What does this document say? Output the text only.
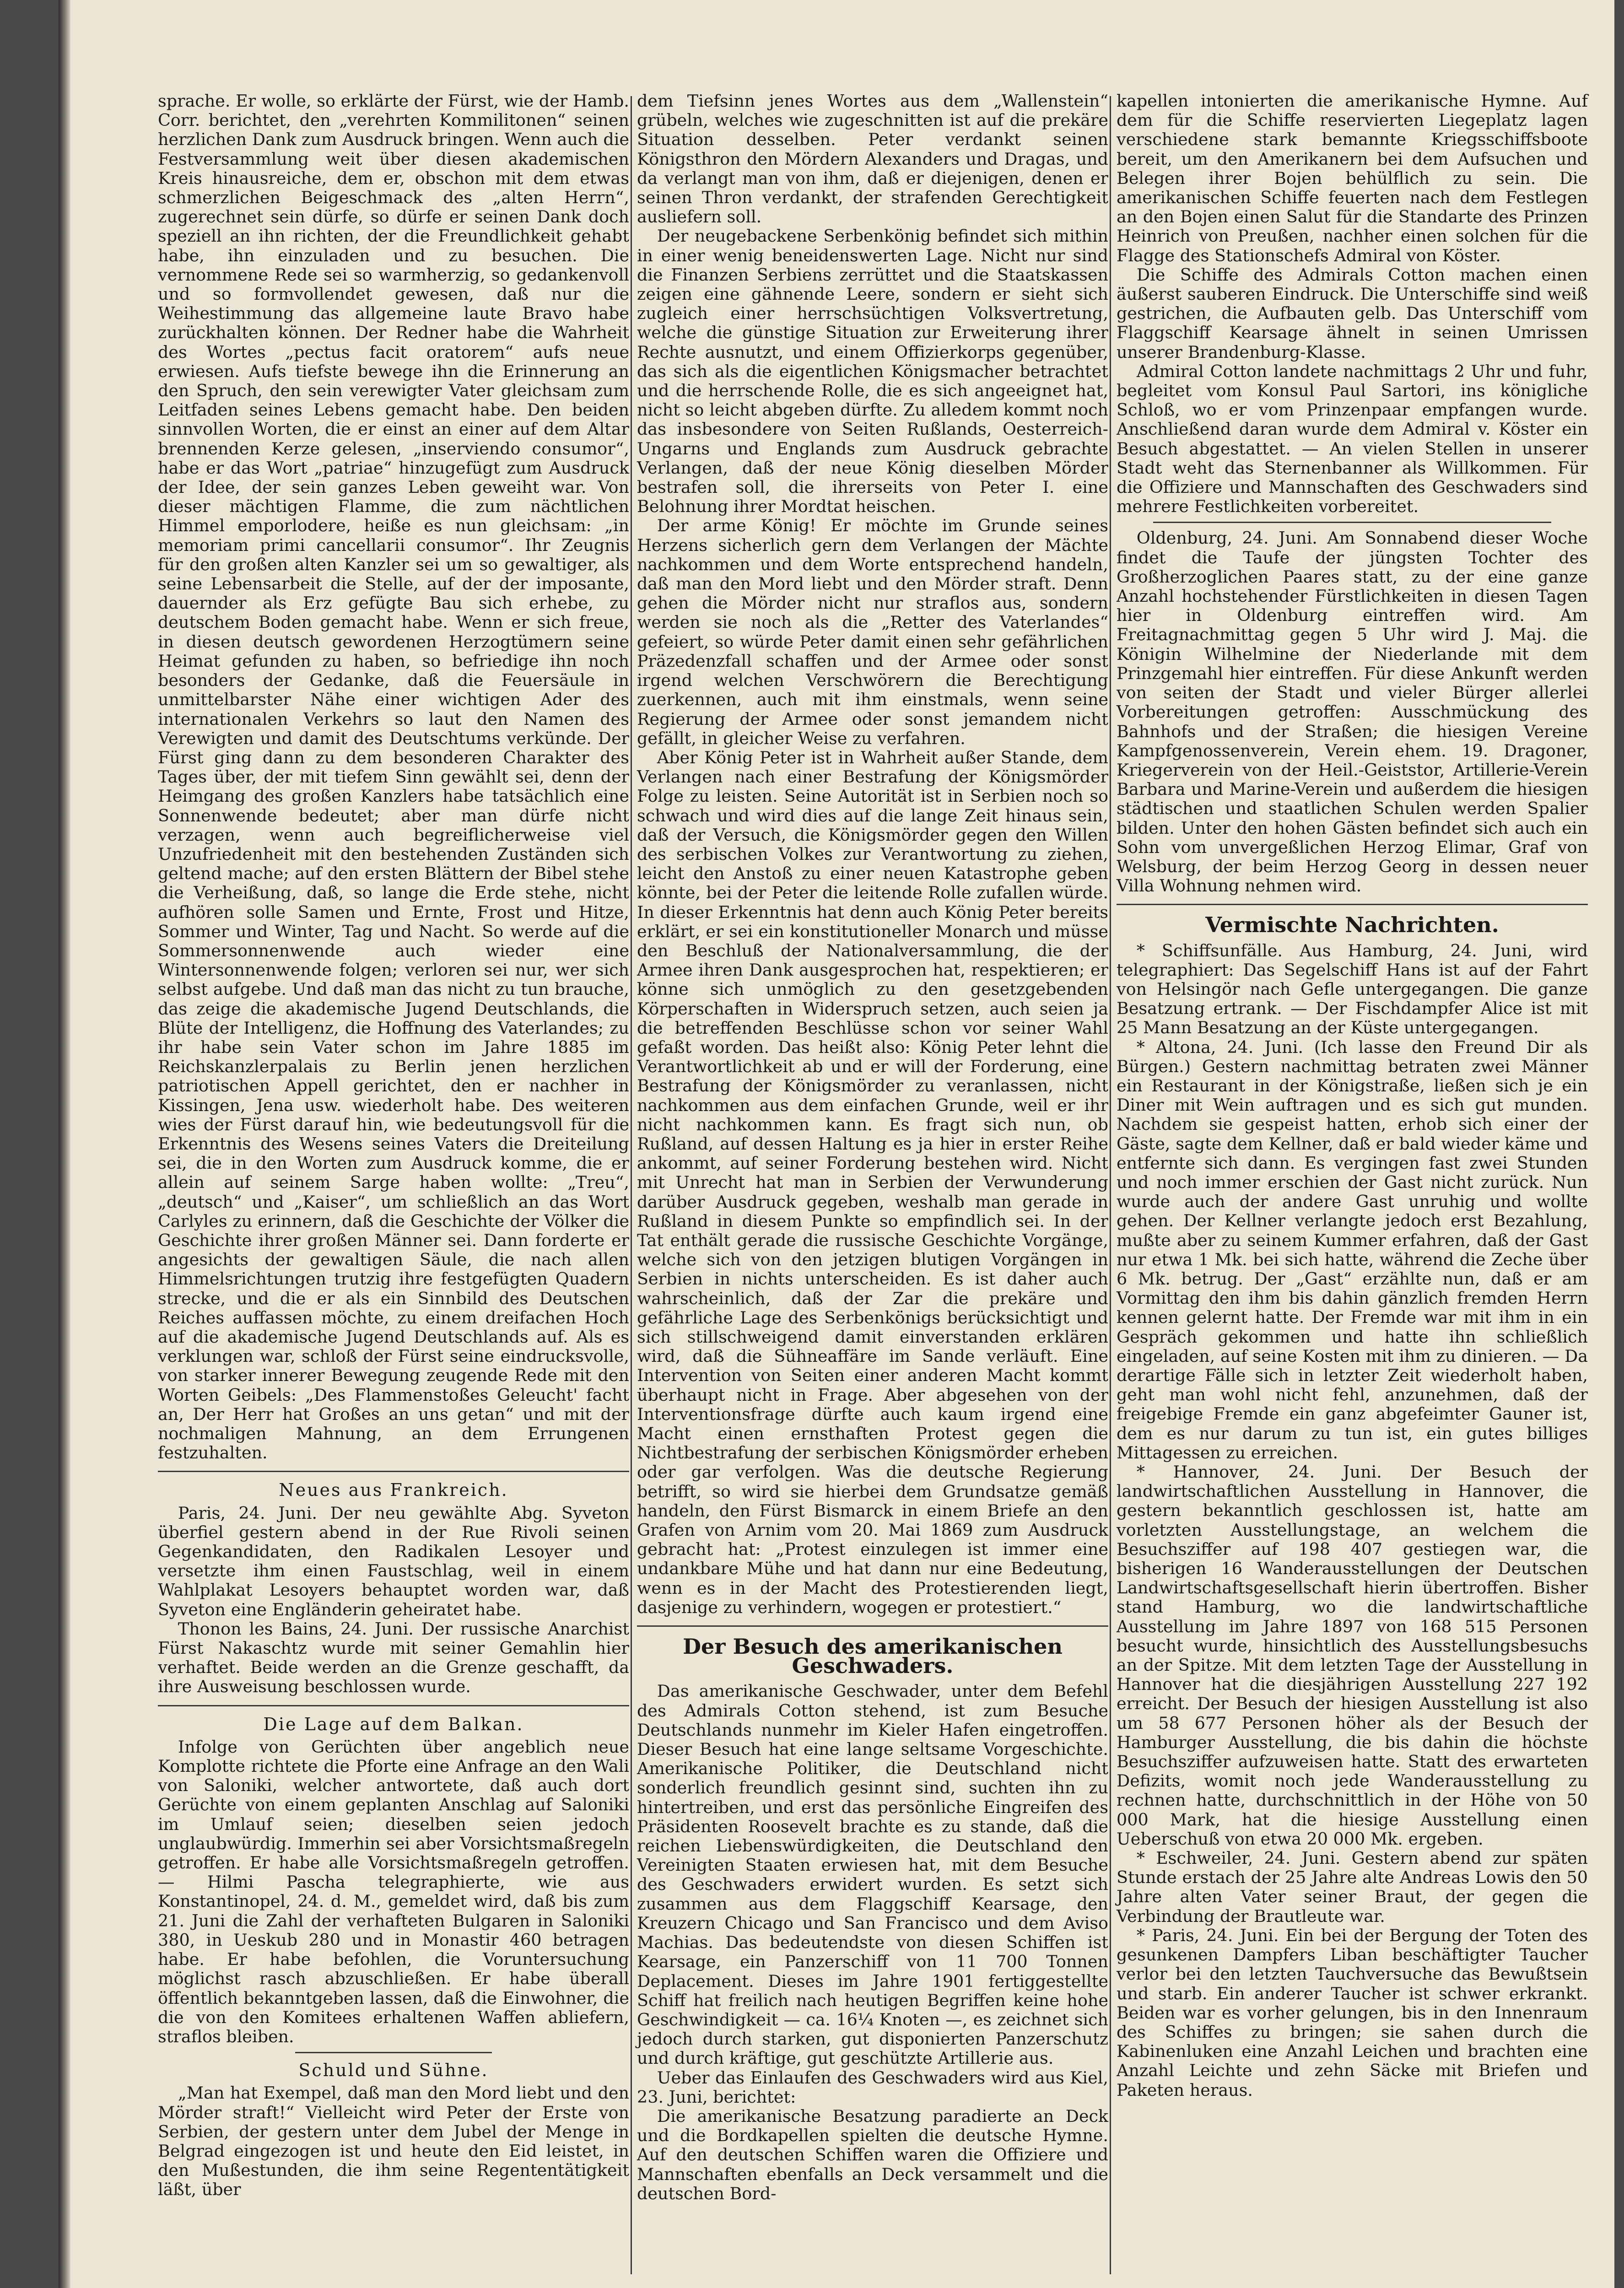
sprache. Er wolle, so erklärte der Fürst, wie der Hamb. Corr. berichtet, den „verehrten Kommilitonen“ seinen herzlichen Dank zum Ausdruck bringen. Wenn auch die Festversammlung weit über diesen akademischen Kreis hinausreiche, dem er, obschon mit dem etwas schmerzlichen Beigeschmack des „alten Herrn“, zugerechnet sein dürfe, so dürfe er seinen Dank doch speziell an ihn richten, der die Freundlichkeit gehabt habe, ihn einzuladen und zu besuchen. Die vernommene Rede sei so warmherzig, so gedankenvoll und so formvollendet gewesen, daß nur die Weihestimmung das allgemeine laute Bravo habe zurückhalten können. Der Redner habe die Wahrheit des Wortes „pectus facit oratorem“ aufs neue erwiesen. Aufs tiefste bewege ihn die Erinnerung an den Spruch, den sein verewigter Vater gleichsam zum Leitfaden seines Lebens gemacht habe. Den beiden sinnvollen Worten, die er einst an einer auf dem Altar brennenden Kerze gelesen, „inserviendo consumor“, habe er das Wort „patriae“ hinzugefügt zum Ausdruck der Idee, der sein ganzes Leben geweiht war. Von dieser mächtigen Flamme, die zum nächtlichen Himmel emporlodere, heiße es nun gleichsam: „in memoriam primi cancellarii consumor“. Ihr Zeugnis für den großen alten Kanzler sei um so gewaltiger, als seine Lebensarbeit die Stelle, auf der der imposante, dauernder als Erz gefügte Bau sich erhebe, zu deutschem Boden gemacht habe. Wenn er sich freue, in diesen deutsch gewordenen Herzogtümern seine Heimat gefunden zu haben, so befriedige ihn noch besonders der Gedanke, daß die Feuersäule in unmittelbarster Nähe einer wichtigen Ader des internationalen Verkehrs so laut den Namen des Verewigten und damit des Deutschtums verkünde. Der Fürst ging dann zu dem besonderen Charakter des Tages über, der mit tiefem Sinn gewählt sei, denn der Heimgang des großen Kanzlers habe tatsächlich eine Sonnenwende bedeutet; aber man dürfe nicht verzagen, wenn auch begreiflicherweise viel Unzufriedenheit mit den bestehenden Zuständen sich geltend mache; auf den ersten Blättern der Bibel stehe die Verheißung, daß, so lange die Erde stehe, nicht aufhören solle Samen und Ernte, Frost und Hitze, Sommer und Winter, Tag und Nacht. So werde auf die Sommersonnenwende auch wieder eine Wintersonnenwende folgen; verloren sei nur, wer sich selbst aufgebe. Und daß man das nicht zu tun brauche, das zeige die akademische Jugend Deutschlands, die Blüte der Intelligenz, die Hoffnung des Vaterlandes; zu ihr habe sein Vater schon im Jahre 1885 im Reichskanzlerpalais zu Berlin jenen herzlichen patriotischen Appell gerichtet, den er nachher in Kissingen, Jena usw. wiederholt habe. Des weiteren wies der Fürst darauf hin, wie bedeutungsvoll für die Erkenntnis des Wesens seines Vaters die Dreiteilung sei, die in den Worten zum Ausdruck komme, die er allein auf seinem Sarge haben wollte: „Treu“, „deutsch“ und „Kaiser“, um schließlich an das Wort Carlyles zu erinnern, daß die Geschichte der Völker die Geschichte ihrer großen Männer sei. Dann forderte er angesichts der gewaltigen Säule, die nach allen Himmelsrichtungen trutzig ihre festgefügten Quadern strecke, und die er als ein Sinnbild des Deutschen Reiches auffassen möchte, zu einem dreifachen Hoch auf die akademische Jugend Deutschlands auf. Als es verklungen war, schloß der Fürst seine eindrucksvolle, von starker innerer Bewegung zeugende Rede mit den Worten Geibels: „Des Flammenstoßes Geleucht' facht an, Der Herr hat Großes an uns getan“ und mit der nochmaligen Mahnung, an dem Errungenen festzuhalten.

Neues aus Frankreich.

Paris, 24. Juni. Der neu gewählte Abg. Syveton überfiel gestern abend in der Rue Rivoli seinen Gegenkandidaten, den Radikalen Lesoyer und versetzte ihm einen Faustschlag, weil in einem Wahlplakat Lesoyers behauptet worden war, daß Syveton eine Engländerin geheiratet habe.

Thonon les Bains, 24. Juni. Der russische Anarchist Fürst Nakaschtz wurde mit seiner Gemahlin hier verhaftet. Beide werden an die Grenze geschafft, da ihre Ausweisung beschlossen wurde.

Die Lage auf dem Balkan.

Infolge von Gerüchten über angeblich neue Komplotte richtete die Pforte eine Anfrage an den Wali von Saloniki, welcher antwortete, daß auch dort Gerüchte von einem geplanten Anschlag auf Saloniki im Umlauf seien; dieselben seien jedoch unglaubwürdig. Immerhin sei aber Vorsichtsmaßregeln getroffen. Er habe alle Vorsichtsmaßregeln getroffen. — Hilmi Pascha telegraphierte, wie aus Konstantinopel, 24. d. M., gemeldet wird, daß bis zum 21. Juni die Zahl der verhafteten Bulgaren in Saloniki 380, in Ueskub 280 und in Monastir 460 betragen habe. Er habe befohlen, die Voruntersuchung möglichst rasch abzuschließen. Er habe überall öffentlich bekanntgeben lassen, daß die Einwohner, die die von den Komitees erhaltenen Waffen abliefern, straflos bleiben.

Schuld und Sühne.

„Man hat Exempel, daß man den Mord liebt und den Mörder straft!“ Vielleicht wird Peter der Erste von Serbien, der gestern unter dem Jubel der Menge in Belgrad eingezogen ist und heute den Eid leistet, in den Mußestunden, die ihm seine Regententätigkeit läßt, über

dem Tiefsinn jenes Wortes aus dem „Wallenstein“ grübeln, welches wie zugeschnitten ist auf die prekäre Situation desselben. Peter verdankt seinen Königsthron den Mördern Alexanders und Dragas, und da verlangt man von ihm, daß er diejenigen, denen er seinen Thron verdankt, der strafenden Gerechtigkeit ausliefern soll.

Der neugebackene Serbenkönig befindet sich mithin in einer wenig beneidenswerten Lage. Nicht nur sind die Finanzen Serbiens zerrüttet und die Staatskassen zeigen eine gähnende Leere, sondern er sieht sich zugleich einer herrschsüchtigen Volksvertretung, welche die günstige Situation zur Erweiterung ihrer Rechte ausnutzt, und einem Offizierkorps gegenüber, das sich als die eigentlichen Königsmacher betrachtet und die herrschende Rolle, die es sich angeeignet hat, nicht so leicht abgeben dürfte. Zu alledem kommt noch das insbesondere von Seiten Rußlands, Oesterreich-Ungarns und Englands zum Ausdruck gebrachte Verlangen, daß der neue König dieselben Mörder bestrafen soll, die ihrerseits von Peter I. eine Belohnung ihrer Mordtat heischen.

Der arme König! Er möchte im Grunde seines Herzens sicherlich gern dem Verlangen der Mächte nachkommen und dem Worte entsprechend handeln, daß man den Mord liebt und den Mörder straft. Denn gehen die Mörder nicht nur straflos aus, sondern werden sie noch als die „Retter des Vaterlandes“ gefeiert, so würde Peter damit einen sehr gefährlichen Präzedenzfall schaffen und der Armee oder sonst irgend welchen Verschwörern die Berechtigung zuerkennen, auch mit ihm einstmals, wenn seine Regierung der Armee oder sonst jemandem nicht gefällt, in gleicher Weise zu verfahren.

Aber König Peter ist in Wahrheit außer Stande, dem Verlangen nach einer Bestrafung der Königsmörder Folge zu leisten. Seine Autorität ist in Serbien noch so schwach und wird dies auf die lange Zeit hinaus sein, daß der Versuch, die Königsmörder gegen den Willen des serbischen Volkes zur Verantwortung zu ziehen, leicht den Anstoß zu einer neuen Katastrophe geben könnte, bei der Peter die leitende Rolle zufallen würde. In dieser Erkenntnis hat denn auch König Peter bereits erklärt, er sei ein konstitutioneller Monarch und müsse den Beschluß der Nationalversammlung, die der Armee ihren Dank ausgesprochen hat, respektieren; er könne sich unmöglich zu den gesetzgebenden Körperschaften in Widerspruch setzen, auch seien ja die betreffenden Beschlüsse schon vor seiner Wahl gefaßt worden. Das heißt also: König Peter lehnt die Verantwortlichkeit ab und er will der Forderung, eine Bestrafung der Königsmörder zu veranlassen, nicht nachkommen aus dem einfachen Grunde, weil er ihr nicht nachkommen kann. Es fragt sich nun, ob Rußland, auf dessen Haltung es ja hier in erster Reihe ankommt, auf seiner Forderung bestehen wird. Nicht mit Unrecht hat man in Serbien der Verwunderung darüber Ausdruck gegeben, weshalb man gerade in Rußland in diesem Punkte so empfindlich sei. In der Tat enthält gerade die russische Geschichte Vorgänge, welche sich von den jetzigen blutigen Vorgängen in Serbien in nichts unterscheiden. Es ist daher auch wahrscheinlich, daß der Zar die prekäre und gefährliche Lage des Serbenkönigs berücksichtigt und sich stillschweigend damit einverstanden erklären wird, daß die Sühneaffäre im Sande verläuft. Eine Intervention von Seiten einer anderen Macht kommt überhaupt nicht in Frage. Aber abgesehen von der Interventionsfrage dürfte auch kaum irgend eine Macht einen ernsthaften Protest gegen die Nichtbestrafung der serbischen Königsmörder erheben oder gar verfolgen. Was die deutsche Regierung betrifft, so wird sie hierbei dem Grundsatze gemäß handeln, den Fürst Bismarck in einem Briefe an den Grafen von Arnim vom 20. Mai 1869 zum Ausdruck gebracht hat: „Protest einzulegen ist immer eine undankbare Mühe und hat dann nur eine Bedeutung, wenn es in der Macht des Protestierenden liegt, dasjenige zu verhindern, wogegen er protestiert.“

Der Besuch des amerikanischen Geschwaders.

Das amerikanische Geschwader, unter dem Befehl des Admirals Cotton stehend, ist zum Besuche Deutschlands nunmehr im Kieler Hafen eingetroffen. Dieser Besuch hat eine lange seltsame Vorgeschichte. Amerikanische Politiker, die Deutschland nicht sonderlich freundlich gesinnt sind, suchten ihn zu hintertreiben, und erst das persönliche Eingreifen des Präsidenten Roosevelt brachte es zu stande, daß die reichen Liebenswürdigkeiten, die Deutschland den Vereinigten Staaten erwiesen hat, mit dem Besuche des Geschwaders erwidert wurden. Es setzt sich zusammen aus dem Flaggschiff Kearsage, den Kreuzern Chicago und San Francisco und dem Aviso Machias. Das bedeutendste von diesen Schiffen ist Kearsage, ein Panzerschiff von 11 700 Tonnen Deplacement. Dieses im Jahre 1901 fertiggestellte Schiff hat freilich nach heutigen Begriffen keine hohe Geschwindigkeit — ca. 16¼ Knoten —, es zeichnet sich jedoch durch starken, gut disponierten Panzerschutz und durch kräftige, gut geschützte Artillerie aus.

Ueber das Einlaufen des Geschwaders wird aus Kiel, 23. Juni, berichtet:

Die amerikanische Besatzung paradierte an Deck und die Bordkapellen spielten die deutsche Hymne. Auf den deutschen Schiffen waren die Offiziere und Mannschaften ebenfalls an Deck versammelt und die deutschen Bord-

kapellen intonierten die amerikanische Hymne. Auf dem für die Schiffe reservierten Liegeplatz lagen verschiedene stark bemannte Kriegsschiffsboote bereit, um den Amerikanern bei dem Aufsuchen und Belegen ihrer Bojen behülflich zu sein. Die amerikanischen Schiffe feuerten nach dem Festlegen an den Bojen einen Salut für die Standarte des Prinzen Heinrich von Preußen, nachher einen solchen für die Flagge des Stationschefs Admiral von Köster.

Die Schiffe des Admirals Cotton machen einen äußerst sauberen Eindruck. Die Unterschiffe sind weiß gestrichen, die Aufbauten gelb. Das Unterschiff vom Flaggschiff Kearsage ähnelt in seinen Umrissen unserer Brandenburg-Klasse.

Admiral Cotton landete nachmittags 2 Uhr und fuhr, begleitet vom Konsul Paul Sartori, ins königliche Schloß, wo er vom Prinzenpaar empfangen wurde. Anschließend daran wurde dem Admiral v. Köster ein Besuch abgestattet. — An vielen Stellen in unserer Stadt weht das Sternenbanner als Willkommen. Für die Offiziere und Mannschaften des Geschwaders sind mehrere Festlichkeiten vorbereitet.

Oldenburg, 24. Juni. Am Sonnabend dieser Woche findet die Taufe der jüngsten Tochter des Großherzoglichen Paares statt, zu der eine ganze Anzahl hochstehender Fürstlichkeiten in diesen Tagen hier in Oldenburg eintreffen wird. Am Freitagnachmittag gegen 5 Uhr wird J. Maj. die Königin Wilhelmine der Niederlande mit dem Prinzgemahl hier eintreffen. Für diese Ankunft werden von seiten der Stadt und vieler Bürger allerlei Vorbereitungen getroffen: Ausschmückung des Bahnhofs und der Straßen; die hiesigen Vereine Kampfgenossenverein, Verein ehem. 19. Dragoner, Kriegerverein von der Heil.-Geiststor, Artillerie-Verein Barbara und Marine-Verein und außerdem die hiesigen städtischen und staatlichen Schulen werden Spalier bilden. Unter den hohen Gästen befindet sich auch ein Sohn vom unvergeßlichen Herzog Elimar, Graf von Welsburg, der beim Herzog Georg in dessen neuer Villa Wohnung nehmen wird.

Vermischte Nachrichten.

* Schiffsunfälle. Aus Hamburg, 24. Juni, wird telegraphiert: Das Segelschiff Hans ist auf der Fahrt von Helsingör nach Gefle untergegangen. Die ganze Besatzung ertrank. — Der Fischdampfer Alice ist mit 25 Mann Besatzung an der Küste untergegangen.

* Altona, 24. Juni. (Ich lasse den Freund Dir als Bürgen.) Gestern nachmittag betraten zwei Männer ein Restaurant in der Königstraße, ließen sich je ein Diner mit Wein auftragen und es sich gut munden. Nachdem sie gespeist hatten, erhob sich einer der Gäste, sagte dem Kellner, daß er bald wieder käme und entfernte sich dann. Es vergingen fast zwei Stunden und noch immer erschien der Gast nicht zurück. Nun wurde auch der andere Gast unruhig und wollte gehen. Der Kellner verlangte jedoch erst Bezahlung, mußte aber zu seinem Kummer erfahren, daß der Gast nur etwa 1 Mk. bei sich hatte, während die Zeche über 6 Mk. betrug. Der „Gast“ erzählte nun, daß er am Vormittag den ihm bis dahin gänzlich fremden Herrn kennen gelernt hatte. Der Fremde war mit ihm in ein Gespräch gekommen und hatte ihn schließlich eingeladen, auf seine Kosten mit ihm zu dinieren. — Da derartige Fälle sich in letzter Zeit wiederholt haben, geht man wohl nicht fehl, anzunehmen, daß der freigebige Fremde ein ganz abgefeimter Gauner ist, dem es nur darum zu tun ist, ein gutes billiges Mittagessen zu erreichen.

* Hannover, 24. Juni. Der Besuch der landwirtschaftlichen Ausstellung in Hannover, die gestern bekanntlich geschlossen ist, hatte am vorletzten Ausstellungstage, an welchem die Besuchsziffer auf 198 407 gestiegen war, die bisherigen 16 Wanderausstellungen der Deutschen Landwirtschaftsgesellschaft hierin übertroffen. Bisher stand Hamburg, wo die landwirtschaftliche Ausstellung im Jahre 1897 von 168 515 Personen besucht wurde, hinsichtlich des Ausstellungsbesuchs an der Spitze. Mit dem letzten Tage der Ausstellung in Hannover hat die diesjährigen Ausstellung 227 192 erreicht. Der Besuch der hiesigen Ausstellung ist also um 58 677 Personen höher als der Besuch der Hamburger Ausstellung, die bis dahin die höchste Besuchsziffer aufzuweisen hatte. Statt des erwarteten Defizits, womit noch jede Wanderausstellung zu rechnen hatte, durchschnittlich in der Höhe von 50 000 Mark, hat die hiesige Ausstellung einen Ueberschuß von etwa 20 000 Mk. ergeben.

* Eschweiler, 24. Juni. Gestern abend zur späten Stunde erstach der 25 Jahre alte Andreas Lowis den 50 Jahre alten Vater seiner Braut, der gegen die Verbindung der Brautleute war.

* Paris, 24. Juni. Ein bei der Bergung der Toten des gesunkenen Dampfers Liban beschäftigter Taucher verlor bei den letzten Tauchversuche das Bewußtsein und starb. Ein anderer Taucher ist schwer erkrankt. Beiden war es vorher gelungen, bis in den Innenraum des Schiffes zu bringen; sie sahen durch die Kabinenluken eine Anzahl Leichen und brachten eine Anzahl Leichte und zehn Säcke mit Briefen und Paketen heraus.
